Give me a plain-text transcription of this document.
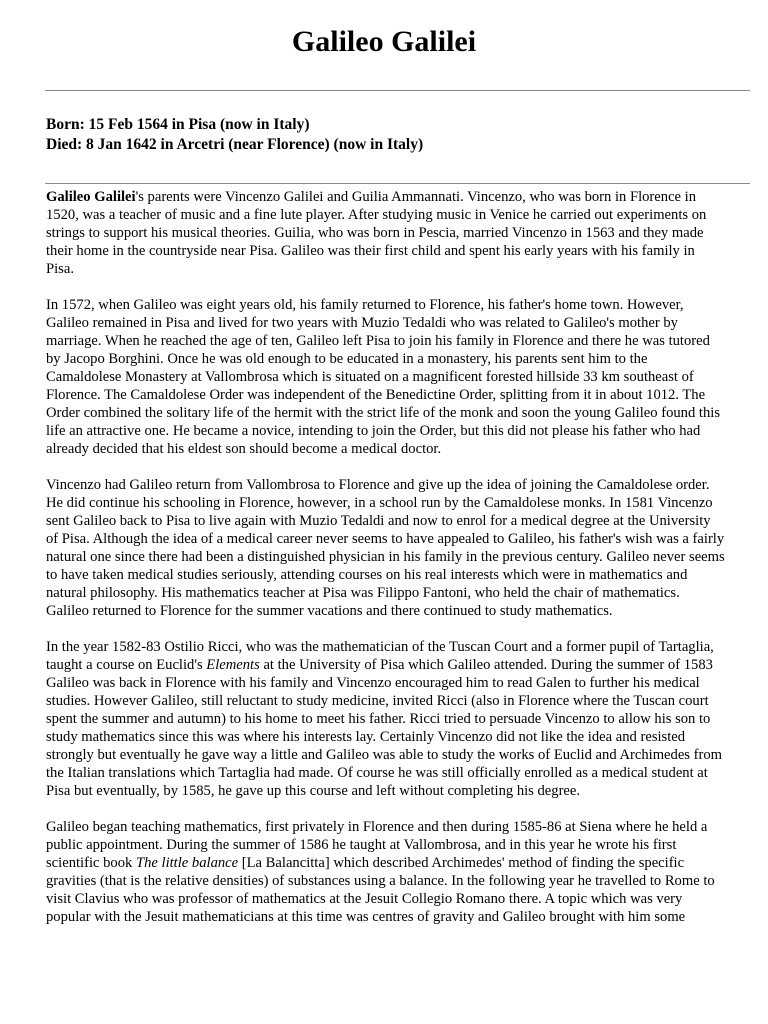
Galileo Galilei
Born: 15 Feb 1564 in Pisa (now in Italy)
Died: 8 Jan 1642 in Arcetri (near Florence) (now in Italy)

Galileo Galilei's parents were Vincenzo Galilei and Guilia Ammannati. Vincenzo, who was born in Florence in 1520, was a teacher of music and a fine lute player. After studying music in Venice he carried out experiments on strings to support his musical theories. Guilia, who was born in Pescia, married Vincenzo in 1563 and they made their home in the countryside near Pisa. Galileo was their first child and spent his early years with his family in Pisa.

In 1572, when Galileo was eight years old, his family returned to Florence, his father's home town. However, Galileo remained in Pisa and lived for two years with Muzio Tedaldi who was related to Galileo's mother by marriage. When he reached the age of ten, Galileo left Pisa to join his family in Florence and there he was tutored by Jacopo Borghini. Once he was old enough to be educated in a monastery, his parents sent him to the Camaldolese Monastery at Vallombrosa which is situated on a magnificent forested hillside 33 km southeast of Florence. The Camaldolese Order was independent of the Benedictine Order, splitting from it in about 1012. The Order combined the solitary life of the hermit with the strict life of the monk and soon the young Galileo found this life an attractive one. He became a novice, intending to join the Order, but this did not please his father who had already decided that his eldest son should become a medical doctor.

Vincenzo had Galileo return from Vallombrosa to Florence and give up the idea of joining the Camaldolese order. He did continue his schooling in Florence, however, in a school run by the Camaldolese monks. In 1581 Vincenzo sent Galileo back to Pisa to live again with Muzio Tedaldi and now to enrol for a medical degree at the University of Pisa. Although the idea of a medical career never seems to have appealed to Galileo, his father's wish was a fairly natural one since there had been a distinguished physician in his family in the previous century. Galileo never seems to have taken medical studies seriously, attending courses on his real interests which were in mathematics and natural philosophy. His mathematics teacher at Pisa was Filippo Fantoni, who held the chair of mathematics. Galileo returned to Florence for the summer vacations and there continued to study mathematics.

In the year 1582-83 Ostilio Ricci, who was the mathematician of the Tuscan Court and a former pupil of Tartaglia, taught a course on Euclid's Elements at the University of Pisa which Galileo attended. During the summer of 1583 Galileo was back in Florence with his family and Vincenzo encouraged him to read Galen to further his medical studies. However Galileo, still reluctant to study medicine, invited Ricci (also in Florence where the Tuscan court spent the summer and autumn) to his home to meet his father. Ricci tried to persuade Vincenzo to allow his son to study mathematics since this was where his interests lay. Certainly Vincenzo did not like the idea and resisted strongly but eventually he gave way a little and Galileo was able to study the works of Euclid and Archimedes from the Italian translations which Tartaglia had made. Of course he was still officially enrolled as a medical student at Pisa but eventually, by 1585, he gave up this course and left without completing his degree.

Galileo began teaching mathematics, first privately in Florence and then during 1585-86 at Siena where he held a public appointment. During the summer of 1586 he taught at Vallombrosa, and in this year he wrote his first scientific book The little balance [La Balancitta] which described Archimedes' method of finding the specific gravities (that is the relative densities) of substances using a balance. In the following year he travelled to Rome to visit Clavius who was professor of mathematics at the Jesuit Collegio Romano there. A topic which was very popular with the Jesuit mathematicians at this time was centres of gravity and Galileo brought with him some
